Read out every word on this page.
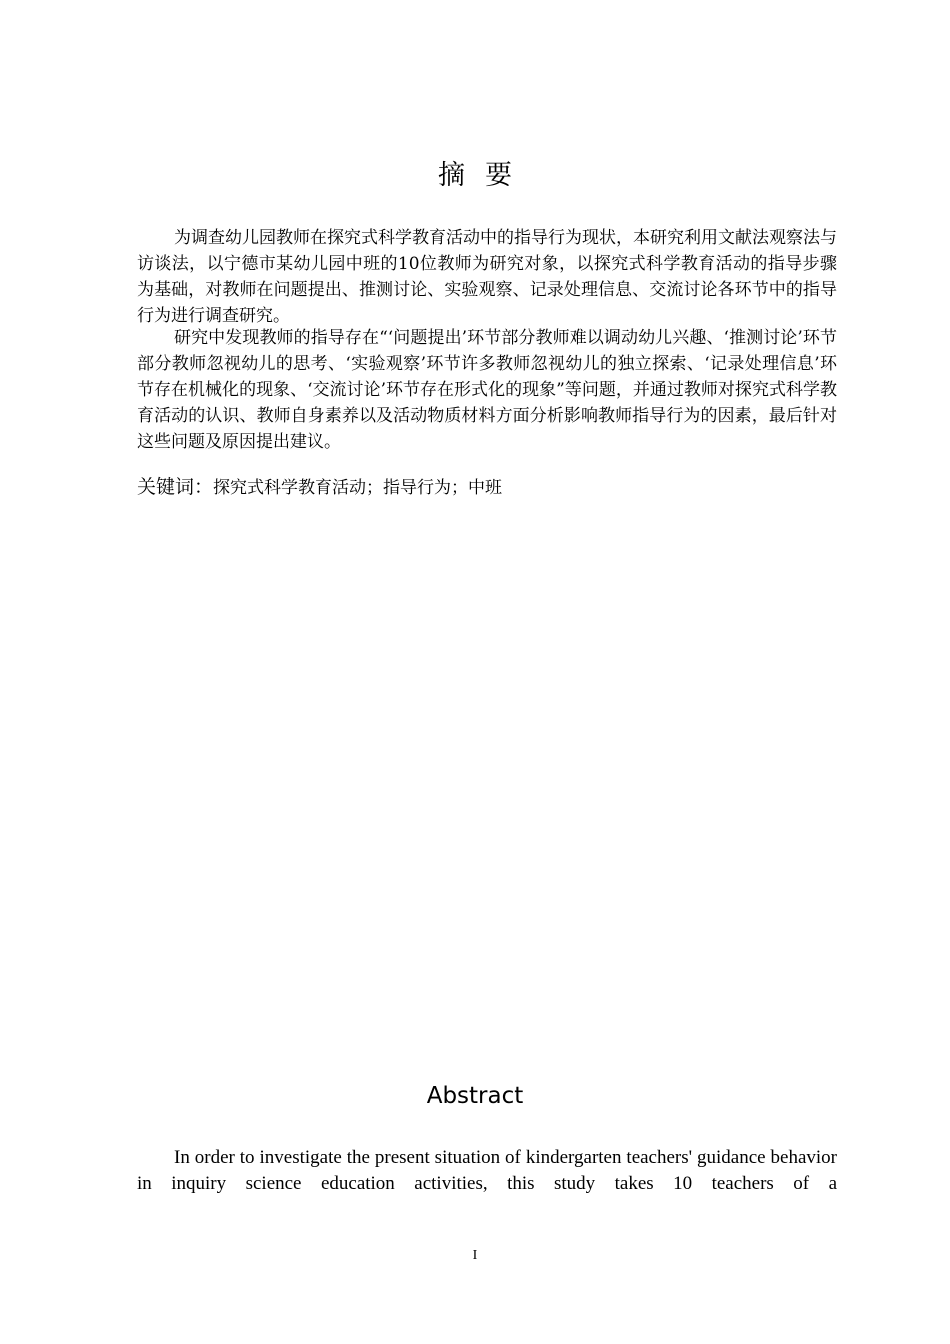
摘要

为调查幼儿园教师在探究式科学教育活动中的指导行为现状，本研究利用文献法观察法与访谈法，以宁德市某幼儿园中班的10位教师为研究对象，以探究式科学教育活动的指导步骤为基础，对教师在问题提出、推测讨论、实验观察、记录处理信息、交流讨论各环节中的指导行为进行调查研究。

研究中发现教师的指导存在“‘问题提出’环节部分教师难以调动幼儿兴趣、‘推测讨论’环节部分教师忽视幼儿的思考、‘实验观察’环节许多教师忽视幼儿的独立探索、‘记录处理信息’环节存在机械化的现象、‘交流讨论’环节存在形式化的现象”等问题，并通过教师对探究式科学教育活动的认识、教师自身素养以及活动物质材料方面分析影响教师指导行为的因素，最后针对这些问题及原因提出建议。

关键词：探究式科学教育活动；指导行为；中班
Abstract

In order to investigate the present situation of kindergarten teachers' guidance behavior in inquiry science education activities, this study takes 10 teachers of a

I
